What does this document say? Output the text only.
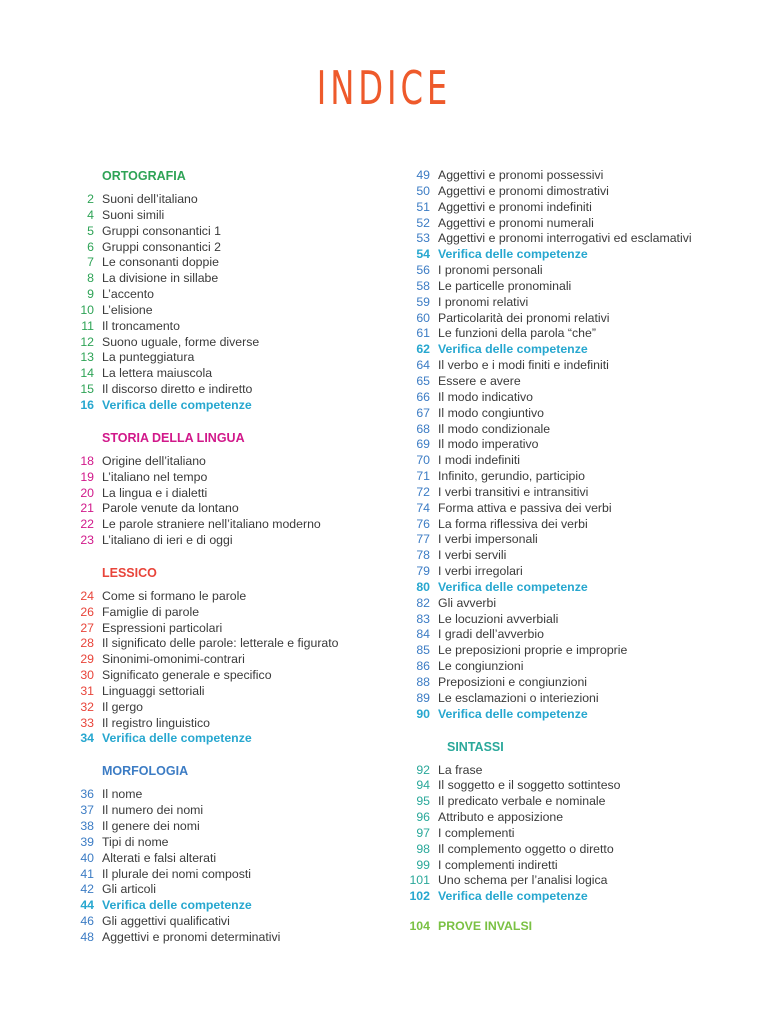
INDICE
ORTOGRAFIA
2 Suoni dell’italiano
4 Suoni simili
5 Gruppi consonantici 1
6 Gruppi consonantici 2
7 Le consonanti doppie
8 La divisione in sillabe
9 L’accento
10 L’elisione
11 Il troncamento
12 Suono uguale, forme diverse
13 La punteggiatura
14 La lettera maiuscola
15 Il discorso diretto e indiretto
16 Verifica delle competenze
STORIA DELLA LINGUA
18 Origine dell’italiano
19 L’italiano nel tempo
20 La lingua e i dialetti
21 Parole venute da lontano
22 Le parole straniere nell’italiano moderno
23 L’italiano di ieri e di oggi
LESSICO
24 Come si formano le parole
26 Famiglie di parole
27 Espressioni particolari
28 Il significato delle parole: letterale e figurato
29 Sinonimi-omonimi-contrari
30 Significato generale e specifico
31 Linguaggi settoriali
32 Il gergo
33 Il registro linguistico
34 Verifica delle competenze
MORFOLOGIA
36 Il nome
37 Il numero dei nomi
38 Il genere dei nomi
39 Tipi di nome
40 Alterati e falsi alterati
41 Il plurale dei nomi composti
42 Gli articoli
44 Verifica delle competenze
46 Gli aggettivi qualificativi
48 Aggettivi e pronomi determinativi
49 Aggettivi e pronomi possessivi
50 Aggettivi e pronomi dimostrativi
51 Aggettivi e pronomi indefiniti
52 Aggettivi e pronomi numerali
53 Aggettivi e pronomi interrogativi ed esclamativi
54 Verifica delle competenze
56 I pronomi personali
58 Le particelle pronominali
59 I pronomi relativi
60 Particolarità dei pronomi relativi
61 Le funzioni della parola “che”
62 Verifica delle competenze
64 Il verbo e i modi finiti e indefiniti
65 Essere e avere
66 Il modo indicativo
67 Il modo congiuntivo
68 Il modo condizionale
69 Il modo imperativo
70 I modi indefiniti
71 Infinito, gerundio, participio
72 I verbi transitivi e intransitivi
74 Forma attiva e passiva dei verbi
76 La forma riflessiva dei verbi
77 I verbi impersonali
78 I verbi servili
79 I verbi irregolari
80 Verifica delle competenze
82 Gli avverbi
83 Le locuzioni avverbiali
84 I gradi dell’avverbio
85 Le preposizioni proprie e improprie
86 Le congiunzioni
88 Preposizioni e congiunzioni
89 Le esclamazioni o interiezioni
90 Verifica delle competenze
SINTASSI
92 La frase
94 Il soggetto e il soggetto sottinteso
95 Il predicato verbale e nominale
96 Attributo e apposizione
97 I complementi
98 Il complemento oggetto o diretto
99 I complementi indiretti
101 Uno schema per l’analisi logica
102 Verifica delle competenze
104 PROVE INVALSI
